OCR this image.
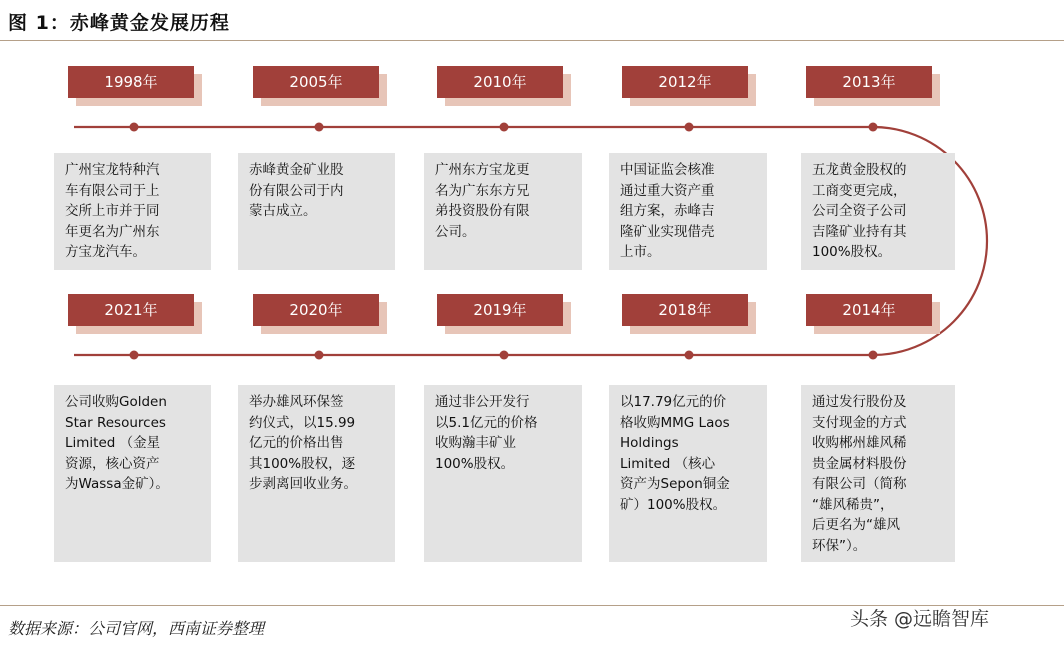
图 1：赤峰黄金发展历程
1998年	2005年	2010年	2012年	2013年
广州宝龙特种汽
车有限公司于上
交所上市并于同
年更名为广州东
方宝龙汽车。
赤峰黄金矿业股
份有限公司于内
蒙古成立。
广州东方宝龙更
名为广东东方兄
弟投资股份有限
公司。
中国证监会核准
通过重大资产重
组方案，赤峰吉
隆矿业实现借壳
上市。
五龙黄金股权的
工商变更完成，
公司全资子公司
吉隆矿业持有其
100%股权。
2021年	2020年	2019年	2018年	2014年
公司收购Golden
Star Resources
Limited （金星
资源，核心资产
为Wassa金矿）。
举办雄风环保签
约仪式，以15.99
亿元的价格出售
其100%股权，逐
步剥离回收业务。
通过非公开发行
以5.1亿元的价格
收购瀚丰矿业
100%股权。
以17.79亿元的价
格收购MMG Laos
Holdings
Limited （核心
资产为Sepon铜金
矿）100%股权。
通过发行股份及
支付现金的方式
收购郴州雄风稀
贵金属材料股份
有限公司（简称
“雄风稀贵”，
后更名为“雄风
环保”）。
数据来源：公司官网，西南证券整理	头条 @远瞻智库
